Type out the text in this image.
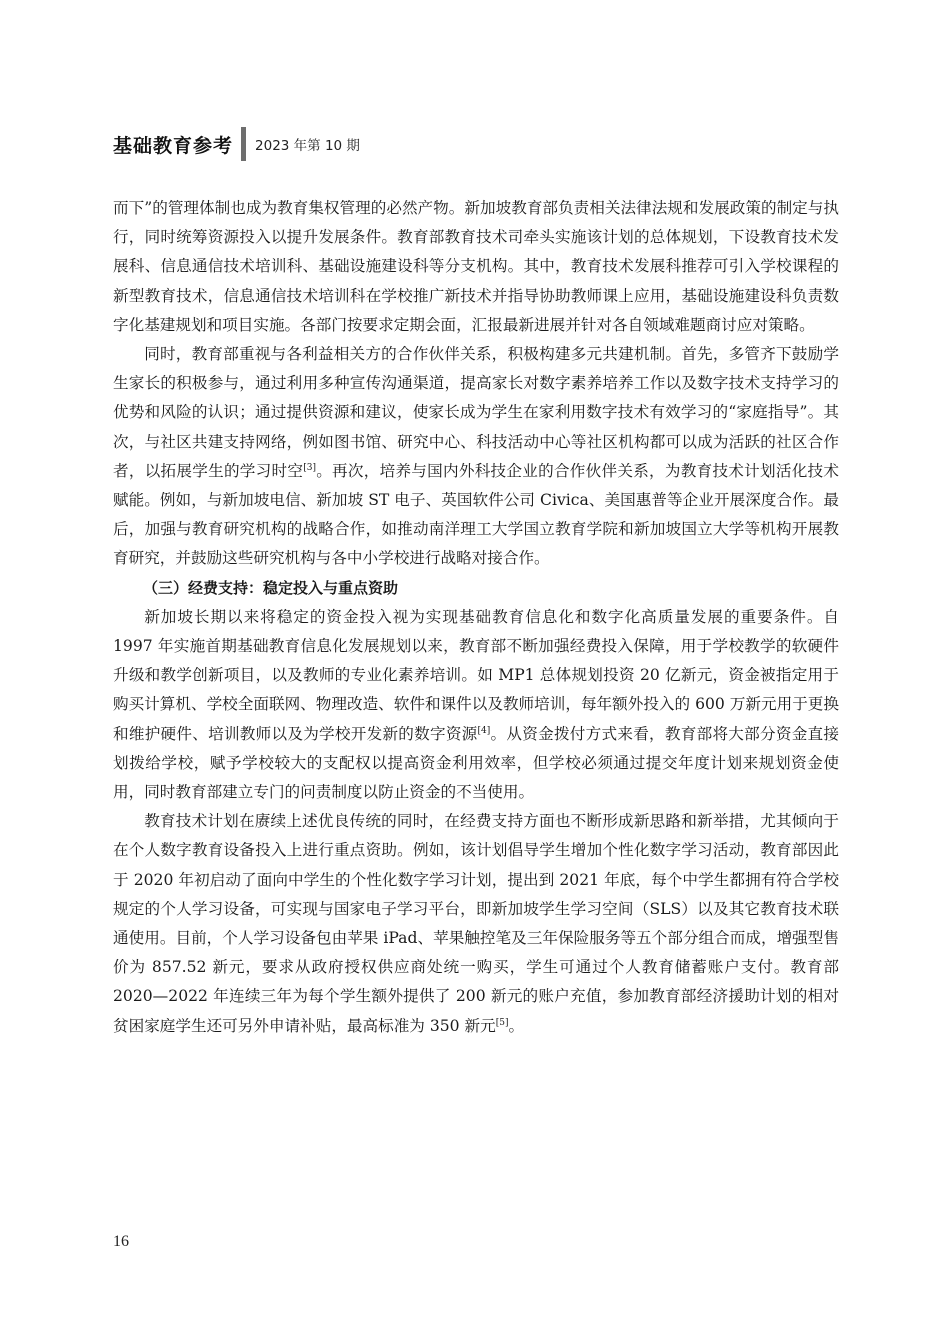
基础教育参考 2023 年第 10 期

而下”的管理体制也成为教育集权管理的必然产物。新加坡教育部负责相关法律法规和发展政策的制定与执行，同时统筹资源投入以提升发展条件。教育部教育技术司牵头实施该计划的总体规划，下设教育技术发展科、信息通信技术培训科、基础设施建设科等分支机构。其中，教育技术发展科推荐可引入学校课程的新型教育技术，信息通信技术培训科在学校推广新技术并指导协助教师课上应用，基础设施建设科负责数字化基建规划和项目实施。各部门按要求定期会面，汇报最新进展并针对各自领域难题商讨应对策略。

同时，教育部重视与各利益相关方的合作伙伴关系，积极构建多元共建机制。首先，多管齐下鼓励学生家长的积极参与，通过利用多种宣传沟通渠道，提高家长对数字素养培养工作以及数字技术支持学习的优势和风险的认识；通过提供资源和建议，使家长成为学生在家利用数字技术有效学习的“家庭指导”。其次，与社区共建支持网络，例如图书馆、研究中心、科技活动中心等社区机构都可以成为活跃的社区合作者，以拓展学生的学习时空[3]。再次，培养与国内外科技企业的合作伙伴关系，为教育技术计划活化技术赋能。例如，与新加坡电信、新加坡 ST 电子、英国软件公司 Civica、美国惠普等企业开展深度合作。最后，加强与教育研究机构的战略合作，如推动南洋理工大学国立教育学院和新加坡国立大学等机构开展教育研究，并鼓励这些研究机构与各中小学校进行战略对接合作。

（三）经费支持：稳定投入与重点资助

新加坡长期以来将稳定的资金投入视为实现基础教育信息化和数字化高质量发展的重要条件。自 1997 年实施首期基础教育信息化发展规划以来，教育部不断加强经费投入保障，用于学校教学的软硬件升级和教学创新项目，以及教师的专业化素养培训。如 MP1 总体规划投资 20 亿新元，资金被指定用于购买计算机、学校全面联网、物理改造、软件和课件以及教师培训，每年额外投入的 600 万新元用于更换和维护硬件、培训教师以及为学校开发新的数字资源[4]。从资金拨付方式来看，教育部将大部分资金直接划拨给学校，赋予学校较大的支配权以提高资金利用效率，但学校必须通过提交年度计划来规划资金使用，同时教育部建立专门的问责制度以防止资金的不当使用。

教育技术计划在赓续上述优良传统的同时，在经费支持方面也不断形成新思路和新举措，尤其倾向于在个人数字教育设备投入上进行重点资助。例如，该计划倡导学生增加个性化数字学习活动，教育部因此于 2020 年初启动了面向中学生的个性化数字学习计划，提出到 2021 年底，每个中学生都拥有符合学校规定的个人学习设备，可实现与国家电子学习平台，即新加坡学生学习空间（SLS）以及其它教育技术联通使用。目前，个人学习设备包由苹果 iPad、苹果触控笔及三年保险服务等五个部分组合而成，增强型售价为 857.52 新元，要求从政府授权供应商处统一购买，学生可通过个人教育储蓄账户支付。教育部 2020—2022 年连续三年为每个学生额外提供了 200 新元的账户充值，参加教育部经济援助计划的相对贫困家庭学生还可另外申请补贴，最高标准为 350 新元[5]。

16
